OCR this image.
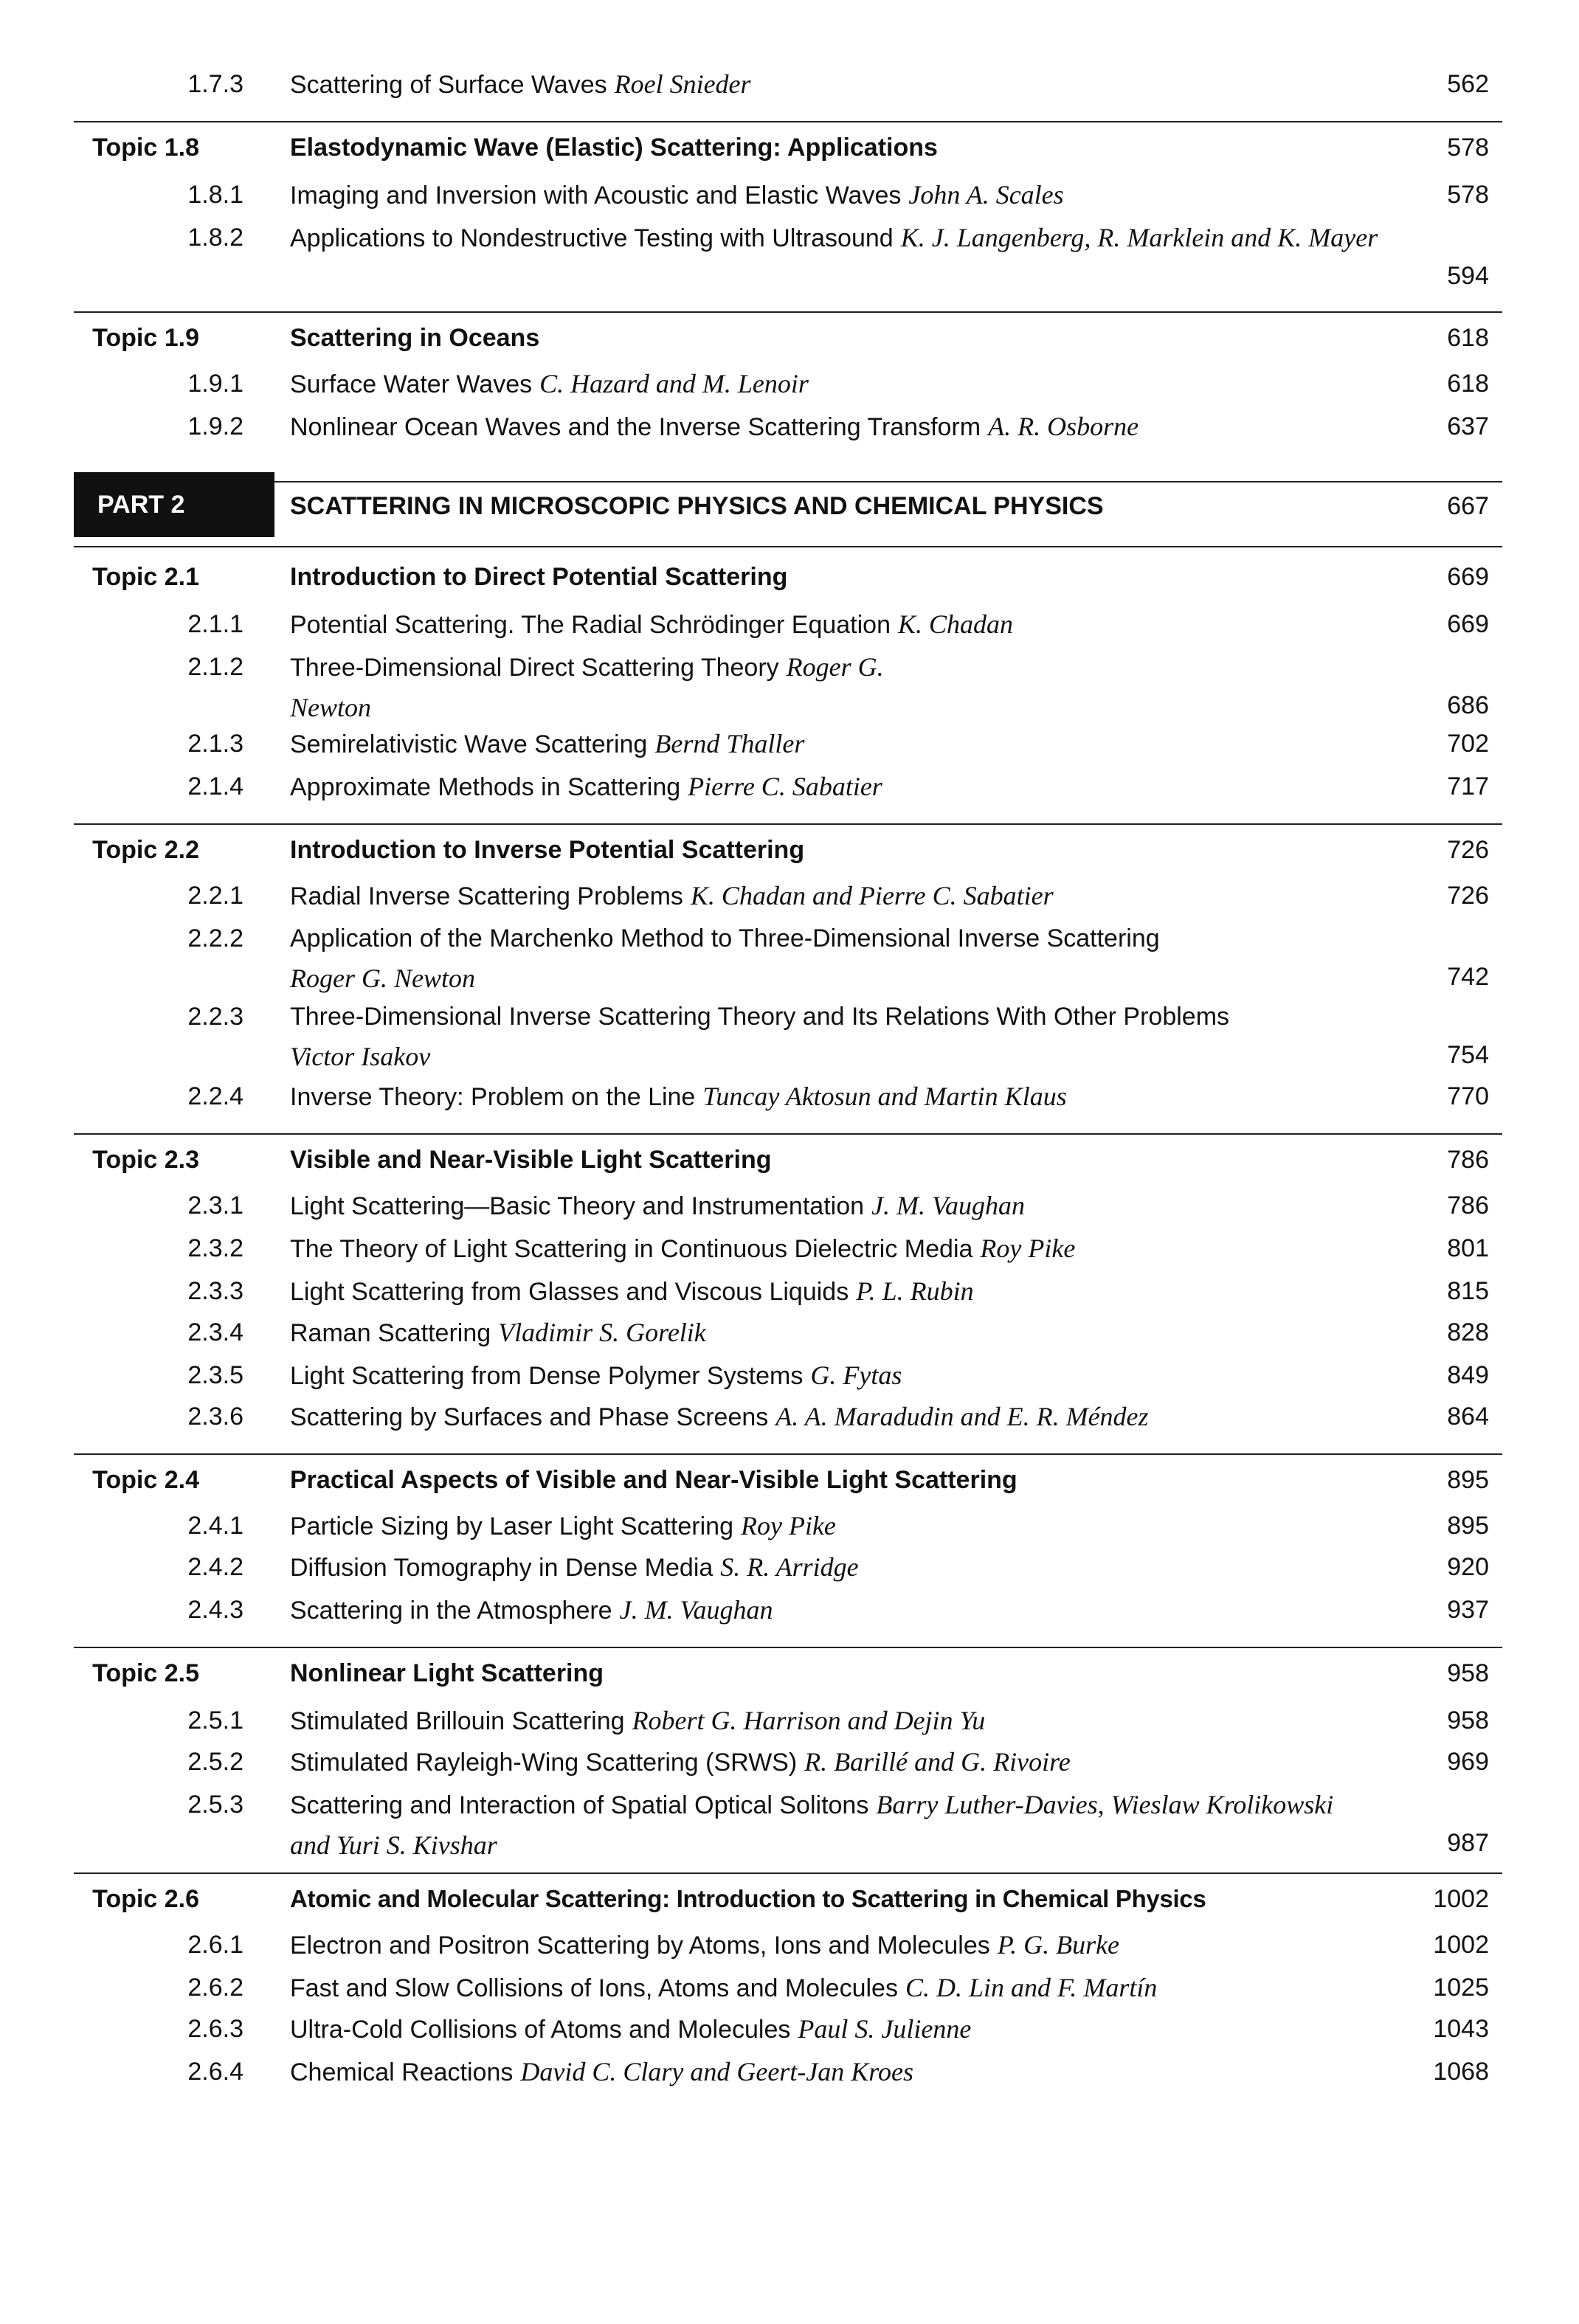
1.7.3 Scattering of Surface Waves Roel Snieder	562
Topic 1.8	Elastodynamic Wave (Elastic) Scattering: Applications	578
1.8.1 Imaging and Inversion with Acoustic and Elastic Waves John A. Scales	578
1.8.2 Applications to Nondestructive Testing with Ultrasound K. J. Langenberg, R. Marklein and K. Mayer
594
Topic 1.9	Scattering in Oceans	618
1.9.1 Surface Water Waves C. Hazard and M. Lenoir	618
1.9.2 Nonlinear Ocean Waves and the Inverse Scattering Transform A. R. Osborne	637
PART 2	SCATTERING IN MICROSCOPIC PHYSICS AND CHEMICAL PHYSICS	667
Topic 2.1	Introduction to Direct Potential Scattering	669
2.1.1 Potential Scattering. The Radial Schrödinger Equation K. Chadan	669
2.1.2 Three-Dimensional Direct Scattering Theory Roger G. Newton	686
2.1.3 Semirelativistic Wave Scattering Bernd Thaller	702
2.1.4 Approximate Methods in Scattering Pierre C. Sabatier	717
Topic 2.2	Introduction to Inverse Potential Scattering	726
2.2.1 Radial Inverse Scattering Problems K. Chadan and Pierre C. Sabatier	726
2.2.2 Application of the Marchenko Method to Three-Dimensional Inverse Scattering
Roger G. Newton	742
2.2.3 Three-Dimensional Inverse Scattering Theory and Its Relations With Other Problems
Victor Isakov	754
2.2.4 Inverse Theory: Problem on the Line Tuncay Aktosun and Martin Klaus	770
Topic 2.3	Visible and Near-Visible Light Scattering	786
2.3.1 Light Scattering—Basic Theory and Instrumentation J. M. Vaughan	786
2.3.2 The Theory of Light Scattering in Continuous Dielectric Media Roy Pike	801
2.3.3 Light Scattering from Glasses and Viscous Liquids P. L. Rubin	815
2.3.4 Raman Scattering Vladimir S. Gorelik	828
2.3.5 Light Scattering from Dense Polymer Systems G. Fytas	849
2.3.6 Scattering by Surfaces and Phase Screens A. A. Maradudin and E. R. Méndez	864
Topic 2.4	Practical Aspects of Visible and Near-Visible Light Scattering	895
2.4.1 Particle Sizing by Laser Light Scattering Roy Pike	895
2.4.2 Diffusion Tomography in Dense Media S. R. Arridge	920
2.4.3 Scattering in the Atmosphere J. M. Vaughan	937
Topic 2.5	Nonlinear Light Scattering	958
2.5.1 Stimulated Brillouin Scattering Robert G. Harrison and Dejin Yu	958
2.5.2 Stimulated Rayleigh-Wing Scattering (SRWS) R. Barillé and G. Rivoire	969
2.5.3 Scattering and Interaction of Spatial Optical Solitons Barry Luther-Davies, Wieslaw Krolikowski and Yuri S. Kivshar	987
Topic 2.6	Atomic and Molecular Scattering: Introduction to Scattering in Chemical Physics	1002
2.6.1 Electron and Positron Scattering by Atoms, Ions and Molecules P. G. Burke	1002
2.6.2 Fast and Slow Collisions of Ions, Atoms and Molecules C. D. Lin and F. Martín	1025
2.6.3 Ultra-Cold Collisions of Atoms and Molecules Paul S. Julienne	1043
2.6.4 Chemical Reactions David C. Clary and Geert-Jan Kroes	1068
